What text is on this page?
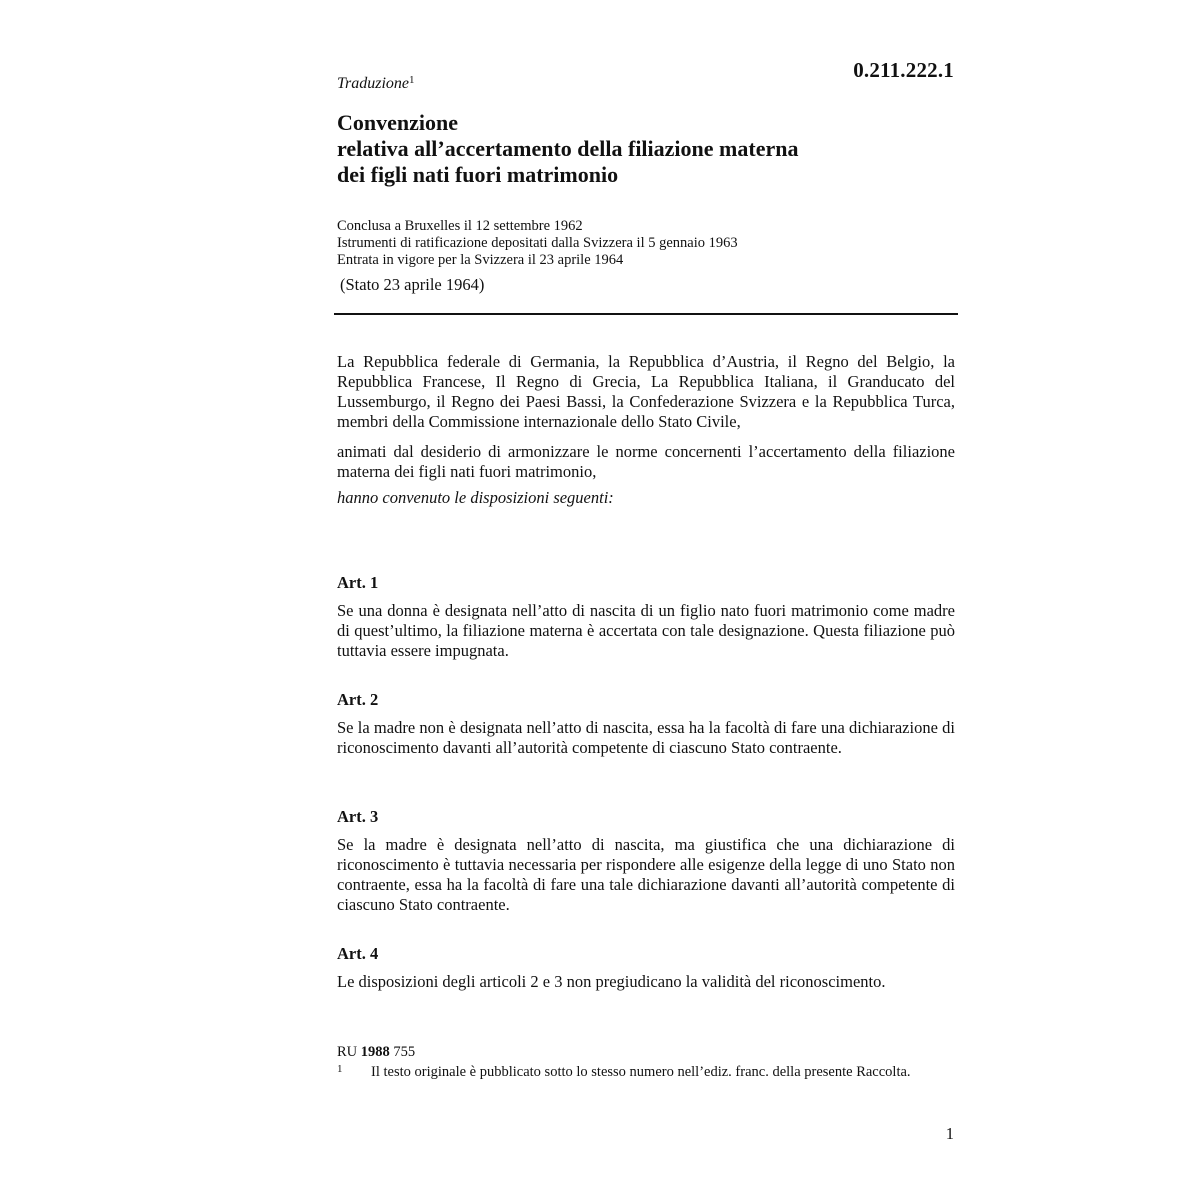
0.211.222.1
Traduzione$^1$
Convenzione
relativa all’accertamento della filiazione materna
dei figli nati fuori matrimonio
Conclusa a Bruxelles il 12 settembre 1962
Istrumenti di ratificazione depositati dalla Svizzera il 5 gennaio 1963
Entrata in vigore per la Svizzera il 23 aprile 1964
(Stato 23 aprile 1964)
La Repubblica federale di Germania, la Repubblica d’Austria, il Regno del Belgio, la Repubblica Francese, Il Regno di Grecia, La Repubblica Italiana, il Granducato del Lussemburgo, il Regno dei Paesi Bassi, la Confederazione Svizzera e la Repubblica Turca, membri della Commissione internazionale dello Stato Civile,
animati dal desiderio di armonizzare le norme concernenti l’accertamento della filiazione materna dei figli nati fuori matrimonio,
hanno convenuto le disposizioni seguenti:
Art. 1
Se una donna è designata nell’atto di nascita di un figlio nato fuori matrimonio come madre di quest’ultimo, la filiazione materna è accertata con tale designazione. Questa filiazione può tuttavia essere impugnata.
Art. 2
Se la madre non è designata nell’atto di nascita, essa ha la facoltà di fare una dichiarazione di riconoscimento davanti all’autorità competente di ciascuno Stato contraente.
Art. 3
Se la madre è designata nell’atto di nascita, ma giustifica che una dichiarazione di riconoscimento è tuttavia necessaria per rispondere alle esigenze della legge di uno Stato non contraente, essa ha la facoltà di fare una tale dichiarazione davanti all’autorità competente di ciascuno Stato contraente.
Art. 4
Le disposizioni degli articoli 2 e 3 non pregiudicano la validità del riconoscimento.
RU 1988 755
1 Il testo originale è pubblicato sotto lo stesso numero nell’ediz. franc. della presente Raccolta.
1
